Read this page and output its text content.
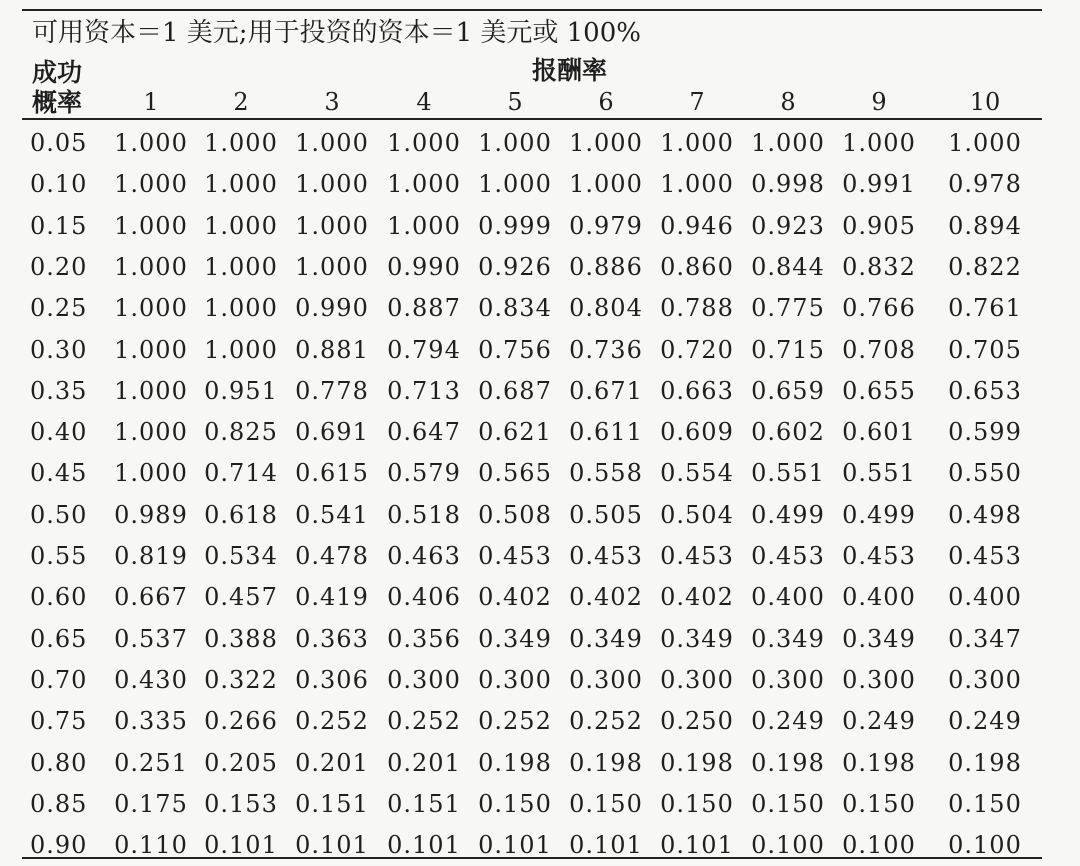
可用资本＝1 美元;用于投资的资本＝1 美元或 100%
成功
概率
报酬率
1	2	3	4	5	6	7	8	9	10
0.05	1.000 1.000 1.000 1.000 1.000 1.000 1.000 1.000 1.000	1.000
0.10	1.000 1.000 1.000 1.000 1.000 1.000 1.000 0.998 0.991	0.978
0.15	1.000 1.000 1.000 1.000 0.999 0.979 0.946 0.923 0.905	0.894
0.20	1.000 1.000 1.000 0.990 0.926 0.886 0.860 0.844 0.832	0.822
0.25	1.000 1.000 0.990 0.887 0.834 0.804 0.788 0.775 0.766	0.761
0.30	1.000 1.000 0.881 0.794 0.756 0.736 0.720 0.715 0.708	0.705
0.35	1.000 0.951 0.778 0.713 0.687 0.671 0.663 0.659 0.655	0.653
0.40	1.000 0.825 0.691 0.647 0.621 0.611 0.609 0.602 0.601	0.599
0.45	1.000 0.714 0.615 0.579 0.565 0.558 0.554 0.551 0.551	0.550
0.50	0.989 0.618 0.541 0.518 0.508 0.505 0.504 0.499 0.499	0.498
0.55	0.819 0.534 0.478 0.463 0.453 0.453 0.453 0.453 0.453	0.453
0.60	0.667 0.457 0.419 0.406 0.402 0.402 0.402 0.400 0.400	0.400
0.65	0.537 0.388 0.363 0.356 0.349 0.349 0.349 0.349 0.349	0.347
0.70	0.430 0.322 0.306 0.300 0.300 0.300 0.300 0.300 0.300	0.300
0.75	0.335 0.266 0.252 0.252 0.252 0.252 0.250 0.249 0.249	0.249
0.80	0.251 0.205 0.201 0.201 0.198 0.198 0.198 0.198 0.198	0.198
0.85	0.175 0.153 0.151 0.151 0.150 0.150 0.150 0.150 0.150	0.150
0.90	0.110 0.101 0.101 0.101 0.101 0.101 0.101 0.100 0.100	0.100
